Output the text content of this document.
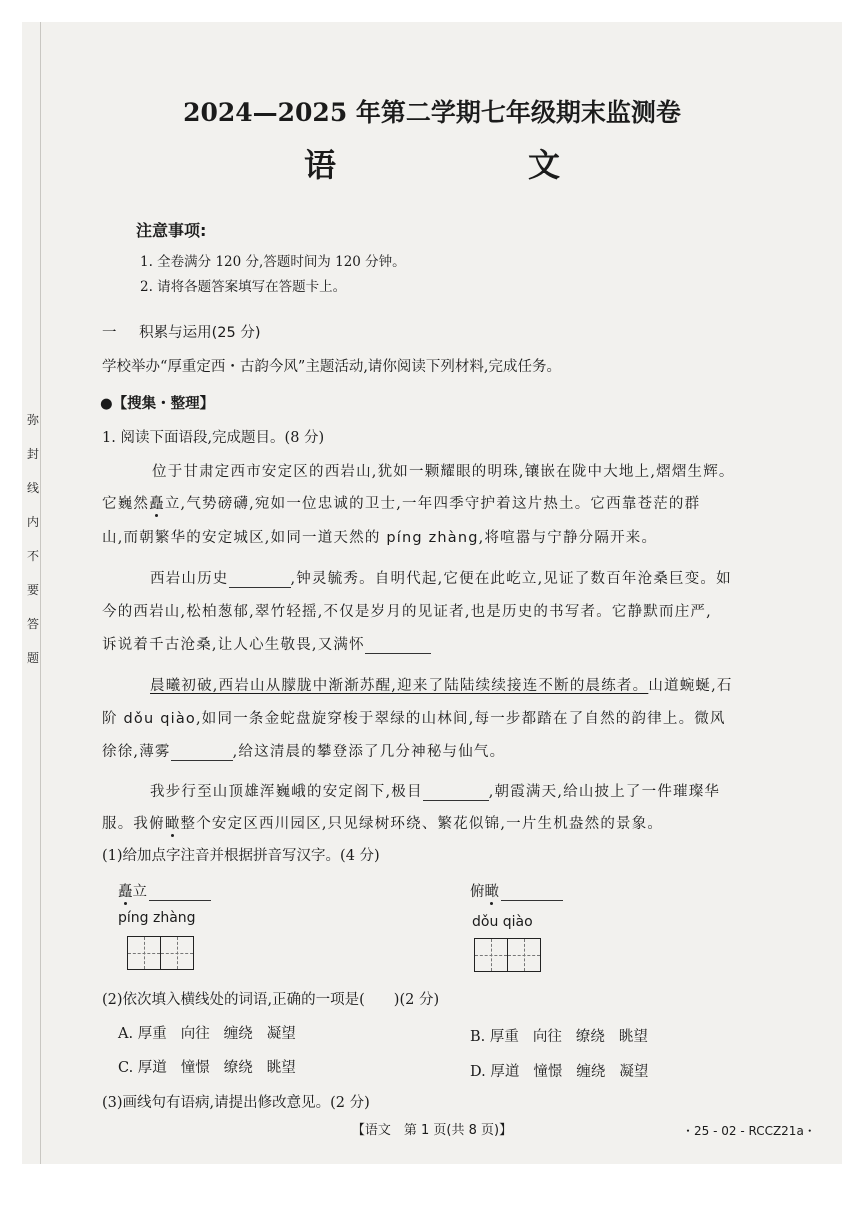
弥
封
线
内
不
要
答
题
2024—2025 年第二学期七年级期末监测卷
语　文
注意事项:
1. 全卷满分 120 分,答题时间为 120 分钟。
2. 请将各题答案填写在答题卡上。
一 积累与运用(25 分)
学校举办“厚重定西・古韵今风”主题活动,请你阅读下列材料,完成任务。
●【搜集・整理】
1. 阅读下面语段,完成题目。(8 分)
位于甘肃定西市安定区的西岩山,犹如一颗耀眼的明珠,镶嵌在陇中大地上,熠熠生辉。
它巍然矗立,气势磅礴,宛如一位忠诚的卫士,一年四季守护着这片热土。它西靠苍茫的群
山,而朝繁华的安定城区,如同一道天然的 píng zhàng,将喧嚣与宁静分隔开来。
西岩山历史	,钟灵毓秀。自明代起,它便在此屹立,见证了数百年沧桑巨变。如
今的西岩山,松柏葱郁,翠竹轻摇,不仅是岁月的见证者,也是历史的书写者。它静默而庄严,
诉说着千古沧桑,让人心生敬畏,又满怀
晨曦初破,西岩山从朦胧中渐渐苏醒,迎来了陆陆续续接连不断的晨练者。山道蜿蜒,石
阶 dǒu qiào,如同一条金蛇盘旋穿梭于翠绿的山林间,每一步都踏在了自然的韵律上。微风
徐徐,薄雾	,给这清晨的攀登添了几分神秘与仙气。
我步行至山顶雄浑巍峨的安定阁下,极目	,朝霞满天,给山披上了一件璀璨华
服。我俯瞰整个安定区西川园区,只见绿树环绕、繁花似锦,一片生机盎然的景象。
(1)给加点字注音并根据拼音写汉字。(4 分)
矗立	俯瞰
píng zhàng	dǒu qiào
(2)依次填入横线处的词语,正确的一项是(　　)(2 分)
A. 厚重 向往 缠绕 凝望	B. 厚重 向往 缭绕 眺望
C. 厚道 憧憬 缭绕 眺望	D. 厚道 憧憬 缠绕 凝望
(3)画线句有语病,请提出修改意见。(2 分)
【语文　第 1 页(共 8 页)】	・25 - 02 - RCCZ21a・
